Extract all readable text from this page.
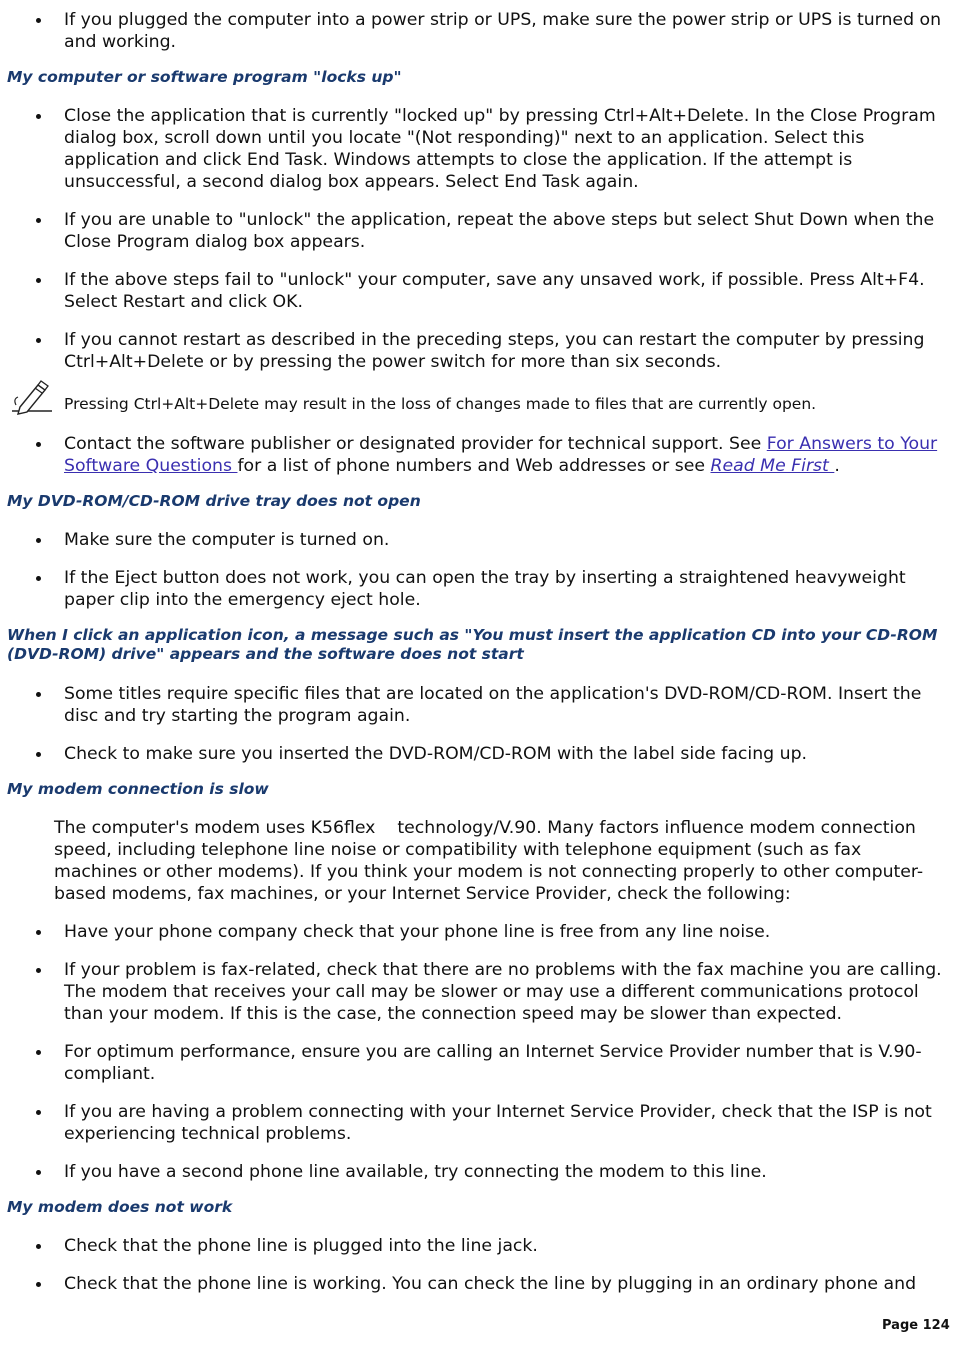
If you plugged the computer into a power strip or UPS, make sure the power strip or UPS is turned on and working.
My computer or software program "locks up"
Close the application that is currently "locked up" by pressing Ctrl+Alt+Delete. In the Close Program dialog box, scroll down until you locate "(Not responding)" next to an application. Select this application and click End Task. Windows attempts to close the application. If the attempt is unsuccessful, a second dialog box appears. Select End Task again.
If you are unable to "unlock" the application, repeat the above steps but select Shut Down when the Close Program dialog box appears.
If the above steps fail to "unlock" your computer, save any unsaved work, if possible. Press Alt+F4. Select Restart and click OK.
If you cannot restart as described in the preceding steps, you can restart the computer by pressing Ctrl+Alt+Delete or by pressing the power switch for more than six seconds.
Pressing Ctrl+Alt+Delete may result in the loss of changes made to files that are currently open.
Contact the software publisher or designated provider for technical support. See For Answers to Your Software Questions for a list of phone numbers and Web addresses or see Read Me First .
My DVD-ROM/CD-ROM drive tray does not open
Make sure the computer is turned on.
If the Eject button does not work, you can open the tray by inserting a straightened heavyweight paper clip into the emergency eject hole.
When I click an application icon, a message such as "You must insert the application CD into your CD-ROM (DVD-ROM) drive" appears and the software does not start
Some titles require specific files that are located on the application's DVD-ROM/CD-ROM. Insert the disc and try starting the program again.
Check to make sure you inserted the DVD-ROM/CD-ROM with the label side facing up.
My modem connection is slow
The computer's modem uses K56flex    technology/V.90. Many factors influence modem connection speed, including telephone line noise or compatibility with telephone equipment (such as fax machines or other modems). If you think your modem is not connecting properly to other computer-based modems, fax machines, or your Internet Service Provider, check the following:
Have your phone company check that your phone line is free from any line noise.
If your problem is fax-related, check that there are no problems with the fax machine you are calling. The modem that receives your call may be slower or may use a different communications protocol than your modem. If this is the case, the connection speed may be slower than expected.
For optimum performance, ensure you are calling an Internet Service Provider number that is V.90-compliant.
If you are having a problem connecting with your Internet Service Provider, check that the ISP is not experiencing technical problems.
If you have a second phone line available, try connecting the modem to this line.
My modem does not work
Check that the phone line is plugged into the line jack.
Check that the phone line is working. You can check the line by plugging in an ordinary phone and
Page 124
